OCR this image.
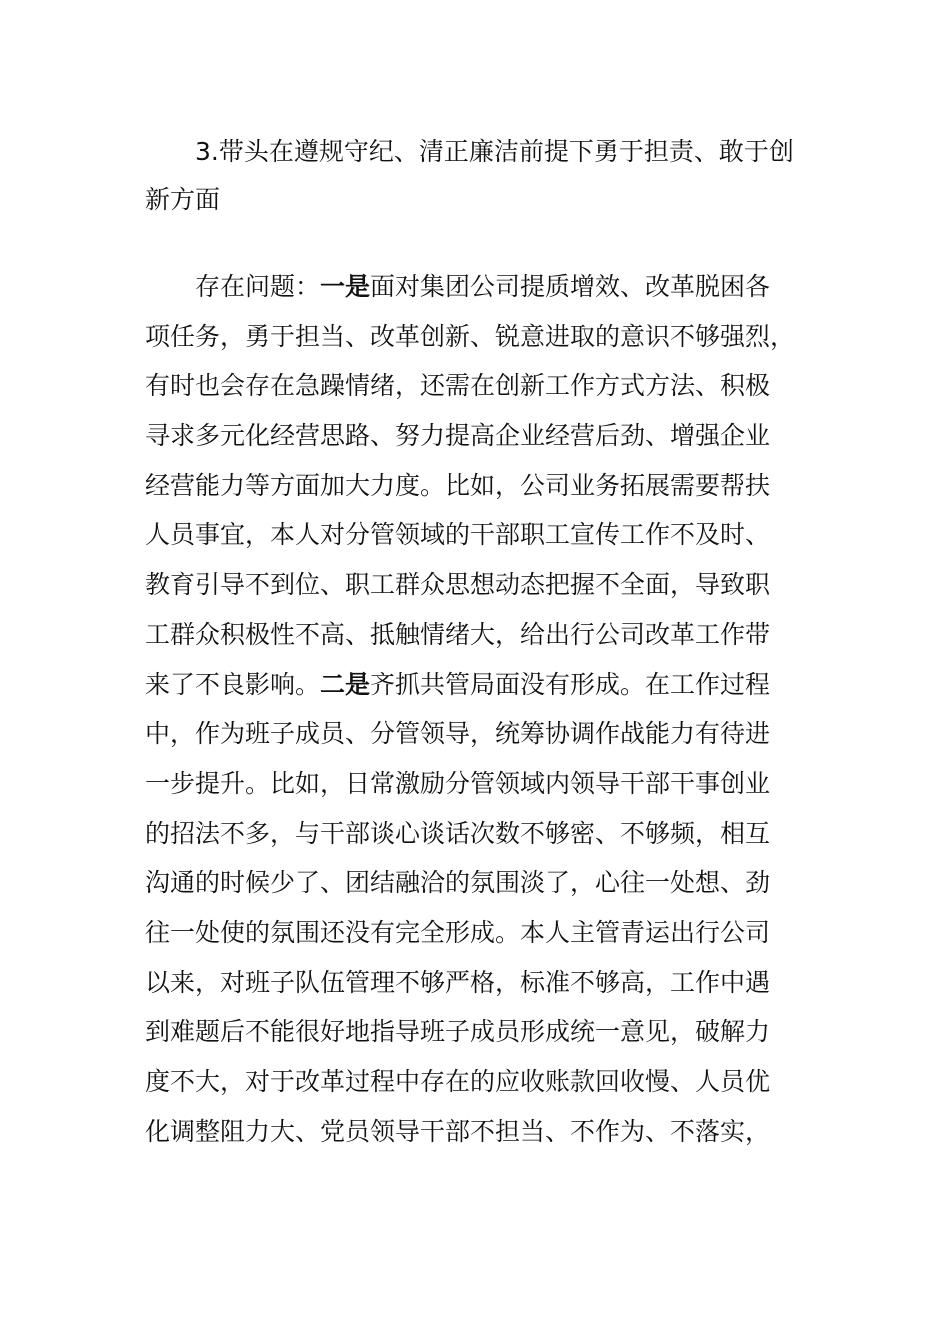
3.带头在遵规守纪、清正廉洁前提下勇于担责、敢于创
新方面
存在问题：一是面对集团公司提质增效、改革脱困各
项任务，勇于担当、改革创新、锐意进取的意识不够强烈，
有时也会存在急躁情绪，还需在创新工作方式方法、积极
寻求多元化经营思路、努力提高企业经营后劲、增强企业
经营能力等方面加大力度。比如，公司业务拓展需要帮扶
人员事宜，本人对分管领域的干部职工宣传工作不及时、
教育引导不到位、职工群众思想动态把握不全面，导致职
工群众积极性不高、抵触情绪大，给出行公司改革工作带
来了不良影响。二是齐抓共管局面没有形成。在工作过程
中，作为班子成员、分管领导，统筹协调作战能力有待进
一步提升。比如，日常激励分管领域内领导干部干事创业
的招法不多，与干部谈心谈话次数不够密、不够频，相互
沟通的时候少了、团结融洽的氛围淡了，心往一处想、劲
往一处使的氛围还没有完全形成。本人主管青运出行公司
以来，对班子队伍管理不够严格，标准不够高，工作中遇
到难题后不能很好地指导班子成员形成统一意见，破解力
度不大，对于改革过程中存在的应收账款回收慢、人员优
化调整阻力大、党员领导干部不担当、不作为、不落实，
